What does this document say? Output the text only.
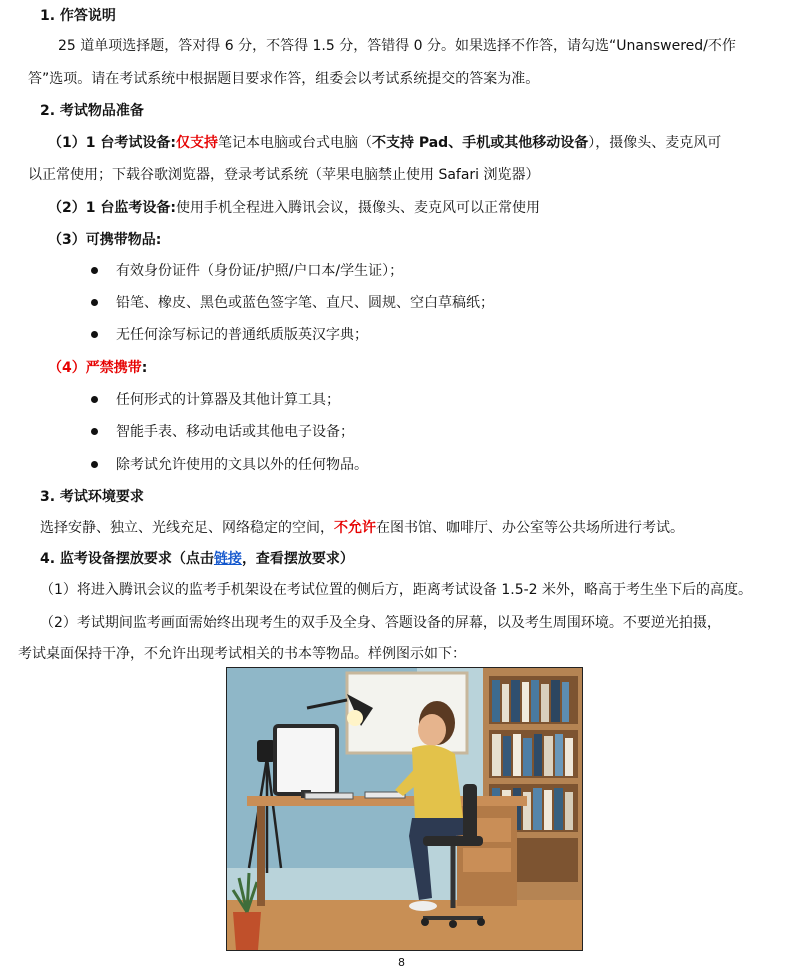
1. 作答说明
25 道单项选择题，答对得 6 分，不答得 1.5 分，答错得 0 分。如果选择不作答，请勾选“Unanswered/不作
答”选项。请在考试系统中根据题目要求作答，组委会以考试系统提交的答案为准。
2. 考试物品准备
（1）1 台考试设备:仅支持笔记本电脑或台式电脑（不支持 Pad、手机或其他移动设备），摄像头、麦克风可
以正常使用；下载谷歌浏览器，登录考试系统（苹果电脑禁止使用 Safari 浏览器）
（2）1 台监考设备:使用手机全程进入腾讯会议，摄像头、麦克风可以正常使用
（3）可携带物品:
有效身份证件（身份证/护照/户口本/学生证）；
铅笔、橡皮、黑色或蓝色签字笔、直尺、圆规、空白草稿纸；
无任何涂写标记的普通纸质版英汉字典；
（4）严禁携带:
任何形式的计算器及其他计算工具；
智能手表、移动电话或其他电子设备；
除考试允许使用的文具以外的任何物品。
3. 考试环境要求
选择安静、独立、光线充足、网络稳定的空间，不允许在图书馆、咖啡厅、办公室等公共场所进行考试。
4. 监考设备摆放要求（点击链接，查看摆放要求）
（1）将进入腾讯会议的监考手机架设在考试位置的侧后方，距离考试设备 1.5-2 米外，略高于考生坐下后的高度。
（2）考试期间监考画面需始终出现考生的双手及全身、答题设备的屏幕，以及考生周围环境。不要逆光拍摄，
考试桌面保持干净，不允许出现考试相关的书本等物品。样例图示如下：
8
